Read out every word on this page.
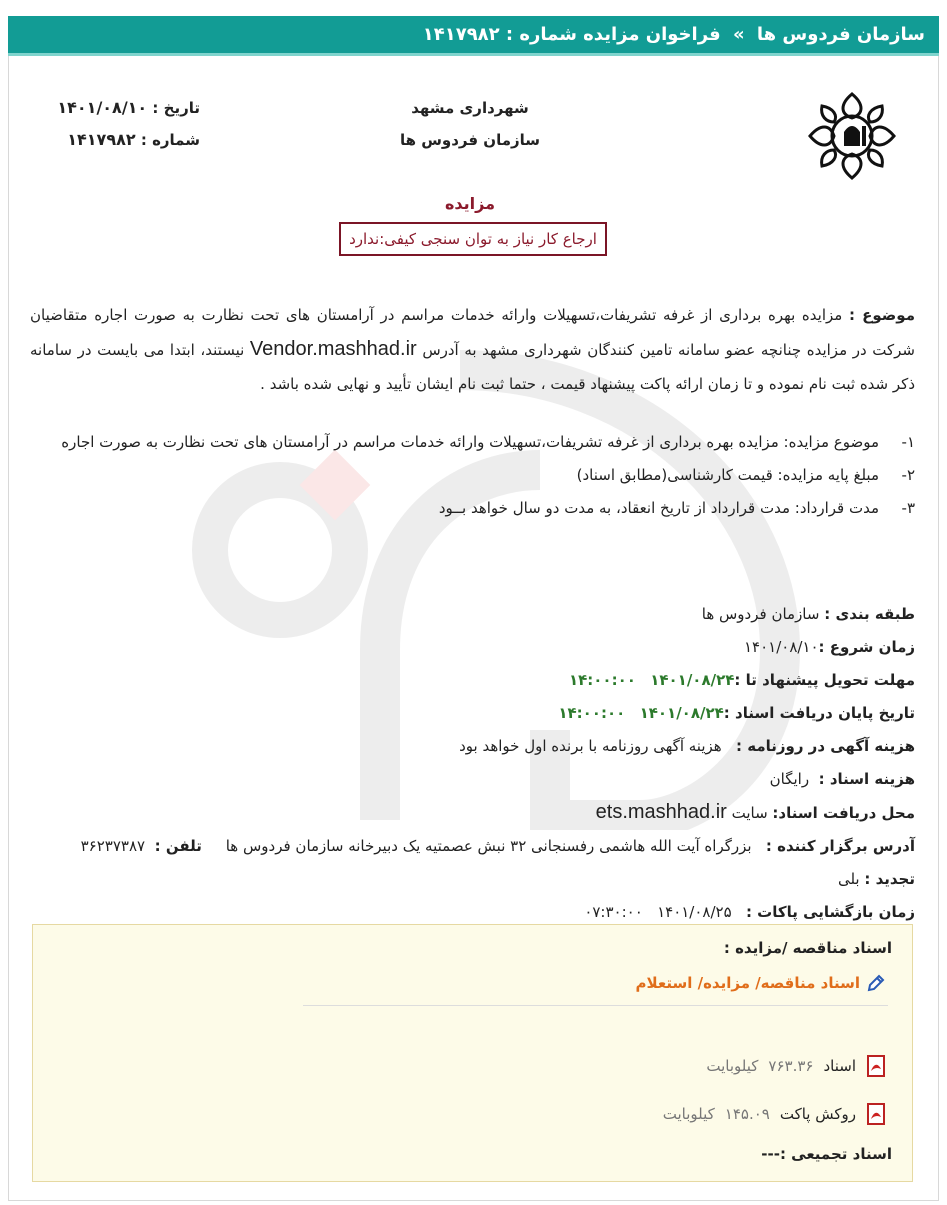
سازمان فردوس ها » فراخوان مزایده شماره : ۱۴۱۷۹۸۲
شهرداری مشهد
سازمان فردوس ها
تاریخ : ۱۴۰۱/۰۸/۱۰
شماره : ۱۴۱۷۹۸۲
مزایده
ارجاع کار نیاز به توان سنجی کیفی:ندارد
موضوع : مزایده بهره برداری از غرفه تشریفات،تسهیلات وارائه خدمات مراسم در آرامستان های تحت نظارت به صورت اجاره متقاضیان شرکت در مزایده چنانچه عضو سامانه تامین کنندگان شهرداری مشهد به آدرس Vendor.mashhad.ir نیستند، ابتدا می بایست در سامانه ذکر شده ثبت نام نموده و تا زمان ارائه پاکت پیشنهاد قیمت ، حتما ثبت نام ایشان تأیید و نهایی شده باشد .
۱-
موضوع مزایده: مزایده بهره برداری از غرفه تشریفات،تسهیلات وارائه خدمات مراسم در آرامستان های تحت نظارت به صورت اجاره
۲-
مبلغ پایه مزایده: قیمت کارشناسی(مطابق اسناد)
۳-
مدت قرارداد: مدت قرارداد از تاریخ انعقاد، به مدت دو سال خواهد بــود
طبقه بندی : سازمان فردوس ها
زمان شروع :۱۴۰۱/۰۸/۱۰
مهلت تحویل پیشنهاد تا :۱۴۰۱/۰۸/۲۴   ۱۴:۰۰:۰۰
تاریخ پایان دریافت اسناد :۱۴۰۱/۰۸/۲۴   ۱۴:۰۰:۰۰
هزینه آگهی در روزنامه :   هزینه آگهی روزنامه با برنده اول خواهد بود
هزینه اسناد :  رایگان
محل دریافت اسناد: سایت ets.mashhad.ir
آدرس برگزار کننده :   بزرگراه آیت الله هاشمی رفسنجانی ۳۲ نبش عصمتیه یک دبیرخانه سازمان فردوس ها     تلفن :  ۳۶۲۳۷۳۸۷
تجدید : بلی
زمان بازگشایی پاکات :   ۱۴۰۱/۰۸/۲۵   ۰۷:۳۰:۰۰
اسناد مناقصه /مزایده :
اسناد مناقصه/ مزایده/ استعلام
اسناد
۷۶۳.۳۶
کیلوبایت
روکش پاکت
۱۴۵.۰۹
کیلوبایت
اسناد تجمیعی :---
